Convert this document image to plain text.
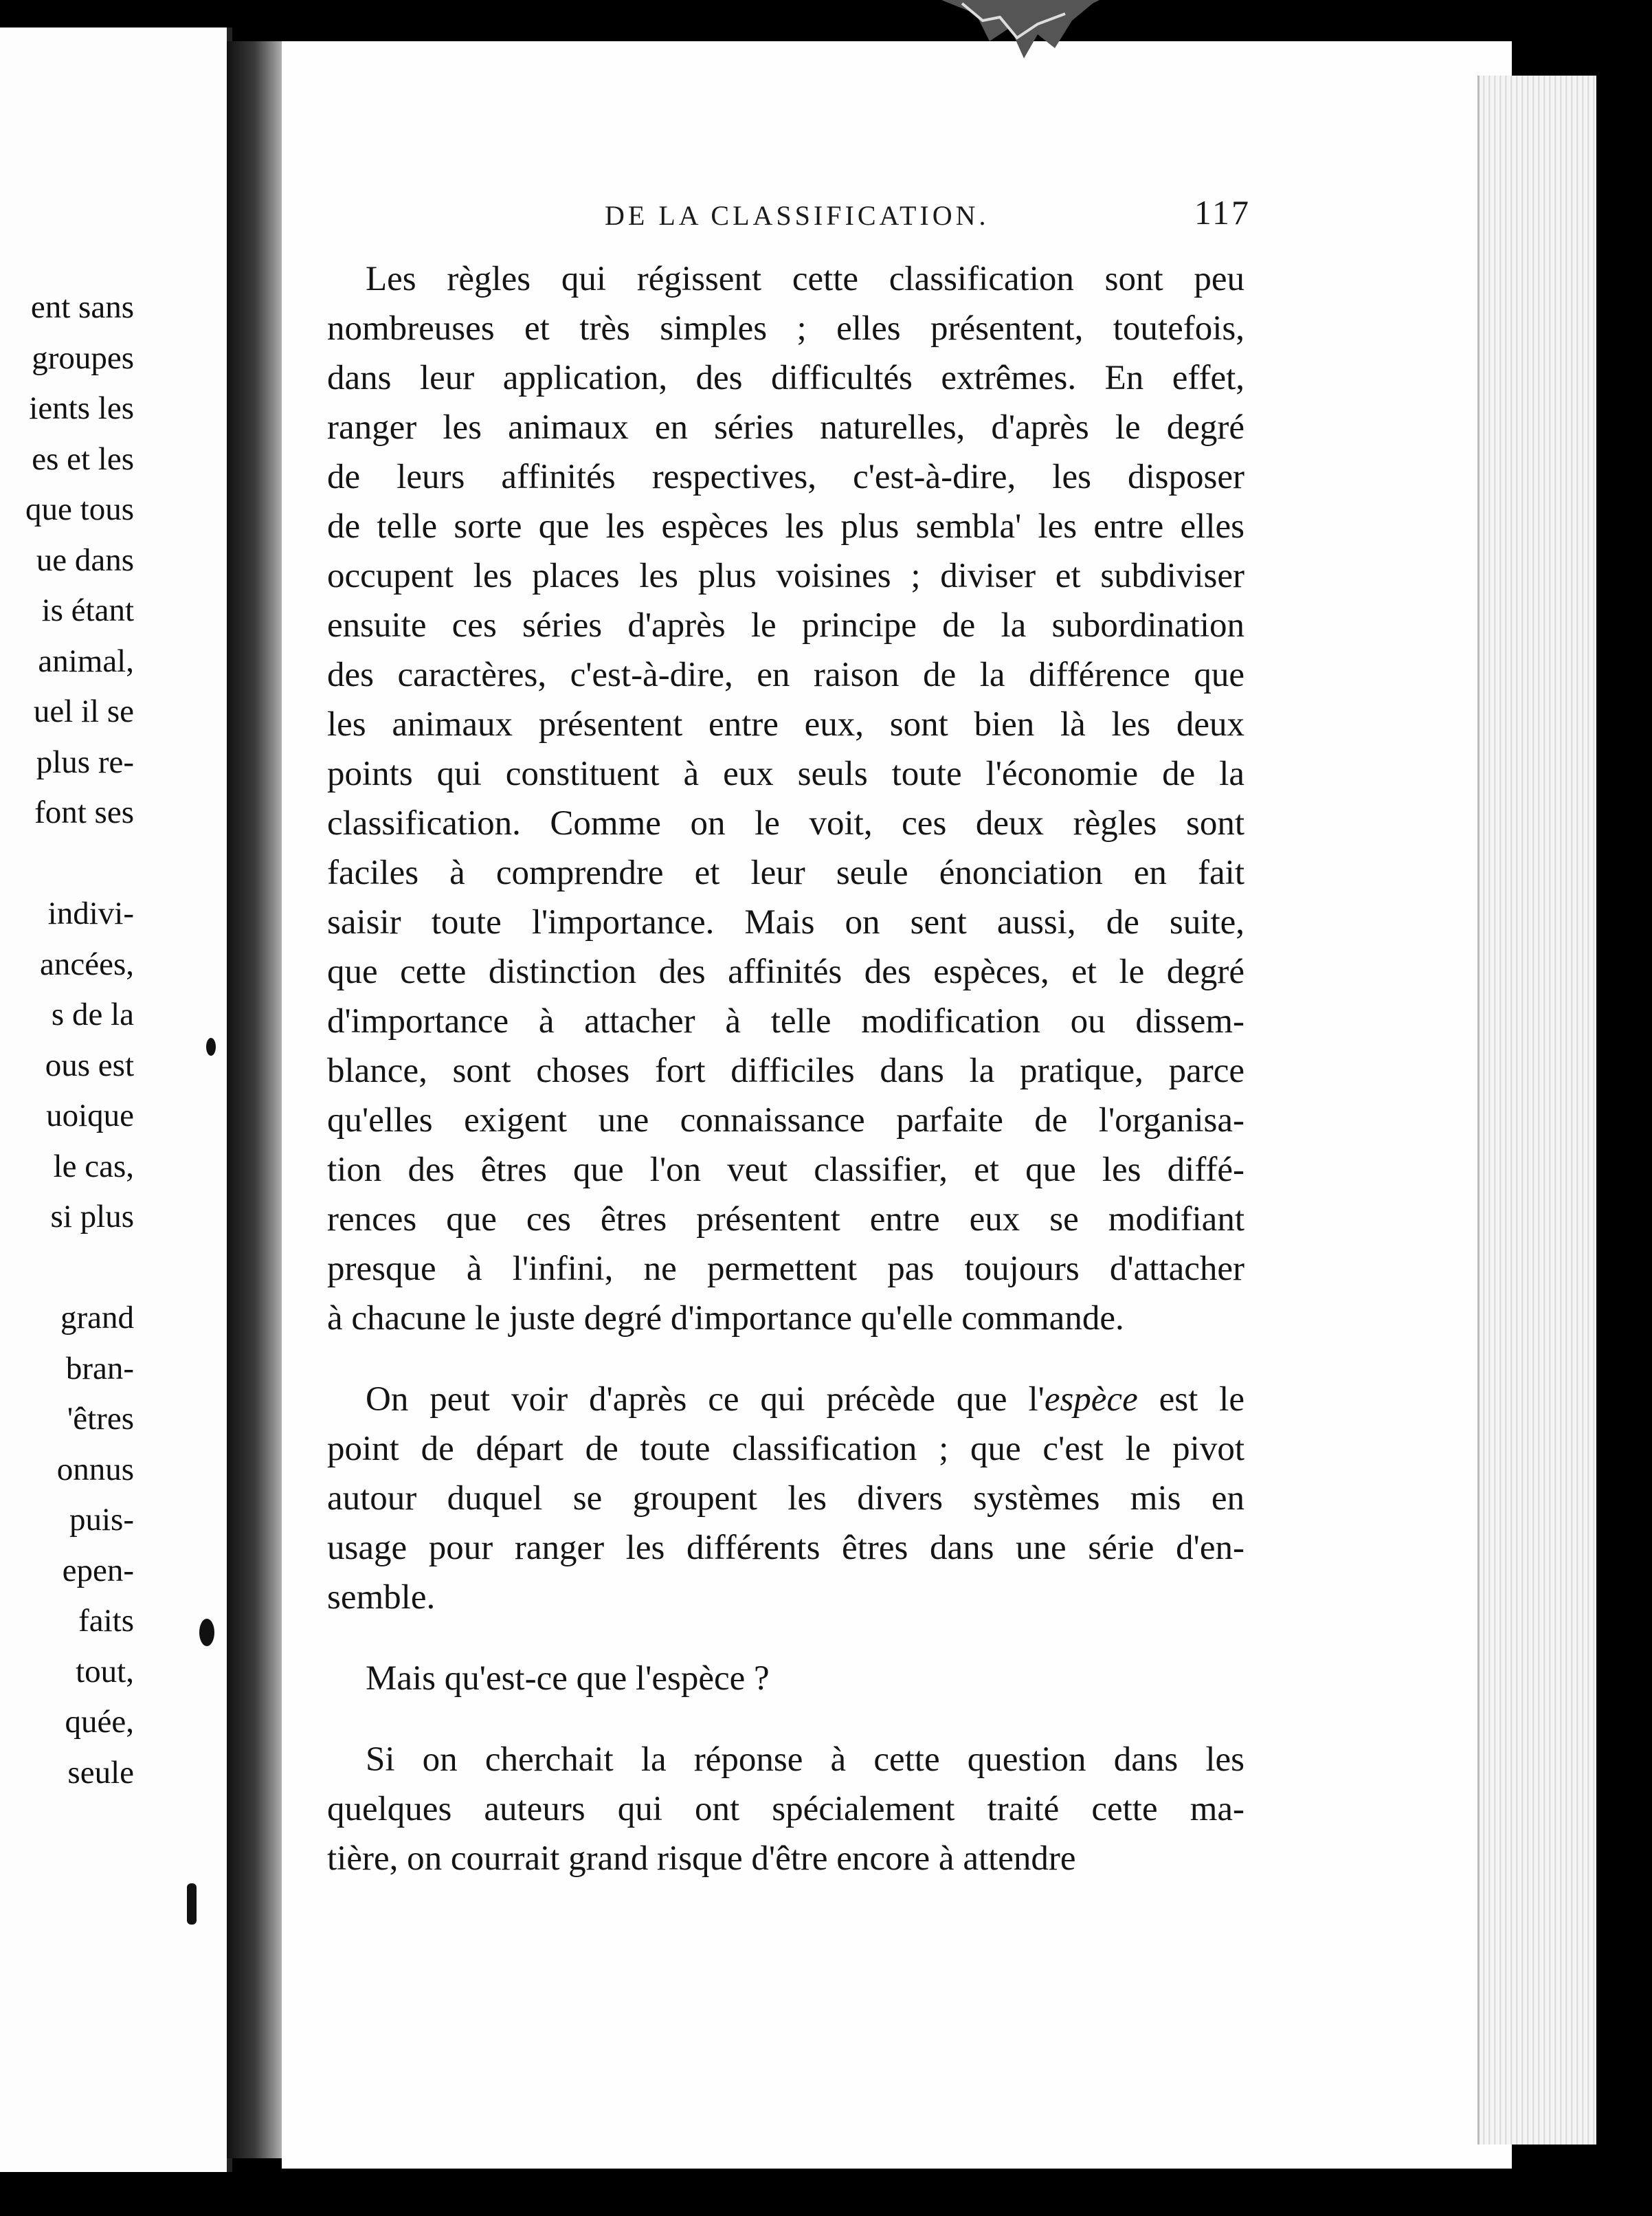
ent sans
groupes
ients les
es et les
que tous
ue dans
is étant
animal,
uel il se
plus re-
font ses
indivi-
ancées,
s de la
ous est
uoique
le cas,
si plus
grand
bran-
'êtres
onnus
puis-
epen-
faits
tout,
quée,
seule
DE LA CLASSIFICATION.	117
Les règles qui régissent cette classification sont peu
nombreuses et très simples ; elles présentent, toutefois,
dans leur application, des difficultés extrêmes. En effet,
ranger les animaux en séries naturelles, d'après le degré
de leurs affinités respectives, c'est-à-dire, les disposer
de telle sorte que les espèces les plus sembla' les entre elles
occupent les places les plus voisines ; diviser et subdiviser
ensuite ces séries d'après le principe de la subordination
des caractères, c'est-à-dire, en raison de la différence que
les animaux présentent entre eux, sont bien là les deux
points qui constituent à eux seuls toute l'économie de la
classification. Comme on le voit, ces deux règles sont
faciles à comprendre et leur seule énonciation en fait
saisir toute l'importance. Mais on sent aussi, de suite,
que cette distinction des affinités des espèces, et le degré
d'importance à attacher à telle modification ou dissem-
blance, sont choses fort difficiles dans la pratique, parce
qu'elles exigent une connaissance parfaite de l'organisa-
tion des êtres que l'on veut classifier, et que les diffé-
rences que ces êtres présentent entre eux se modifiant
presque à l'infini, ne permettent pas toujours d'attacher
à chacune le juste degré d'importance qu'elle commande.
On peut voir d'après ce qui précède que l'espèce est le
point de départ de toute classification ; que c'est le pivot
autour duquel se groupent les divers systèmes mis en
usage pour ranger les différents êtres dans une série d'en-
semble.
Mais qu'est-ce que l'espèce ?
Si on cherchait la réponse à cette question dans les
quelques auteurs qui ont spécialement traité cette ma-
tière, on courrait grand risque d'être encore à attendre
